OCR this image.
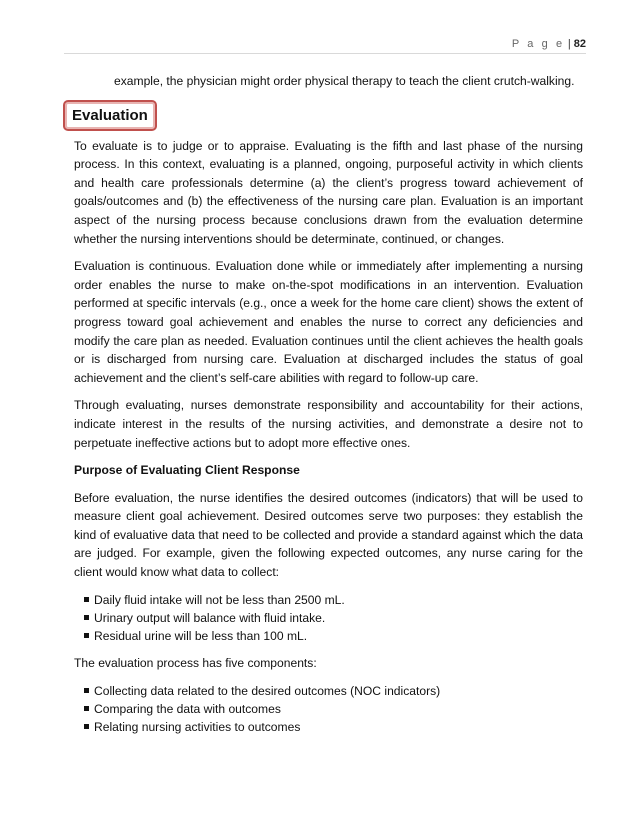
P a g e | 82

example, the physician might order physical therapy to teach the client crutch-walking.

Evaluation

To evaluate is to judge or to appraise. Evaluating is the fifth and last phase of the nursing process. In this context, evaluating is a planned, ongoing, purposeful activity in which clients and health care professionals determine (a) the client’s progress toward achievement of goals/outcomes and (b) the effectiveness of the nursing care plan. Evaluation is an important aspect of the nursing process because conclusions drawn from the evaluation determine whether the nursing interventions should be determinate, continued, or changes.

Evaluation is continuous. Evaluation done while or immediately after implementing a nursing order enables the nurse to make on-the-spot modifications in an intervention. Evaluation performed at specific intervals (e.g., once a week for the home care client) shows the extent of progress toward goal achievement and enables the nurse to correct any deficiencies and modify the care plan as needed. Evaluation continues until the client achieves the health goals or is discharged from nursing care. Evaluation at discharged includes the status of goal achievement and the client’s self-care abilities with regard to follow-up care.

Through evaluating, nurses demonstrate responsibility and accountability for their actions, indicate interest in the results of the nursing activities, and demonstrate a desire not to perpetuate ineffective actions but to adopt more effective ones.

Purpose of Evaluating Client Response

Before evaluation, the nurse identifies the desired outcomes (indicators) that will be used to measure client goal achievement. Desired outcomes serve two purposes: they establish the kind of evaluative data that need to be collected and provide a standard against which the data are judged. For example, given the following expected outcomes, any nurse caring for the client would know what data to collect:

Daily fluid intake will not be less than 2500 mL.
Urinary output will balance with fluid intake.
Residual urine will be less than 100 mL.

The evaluation process has five components:

Collecting data related to the desired outcomes (NOC indicators)
Comparing the data with outcomes
Relating nursing activities to outcomes
